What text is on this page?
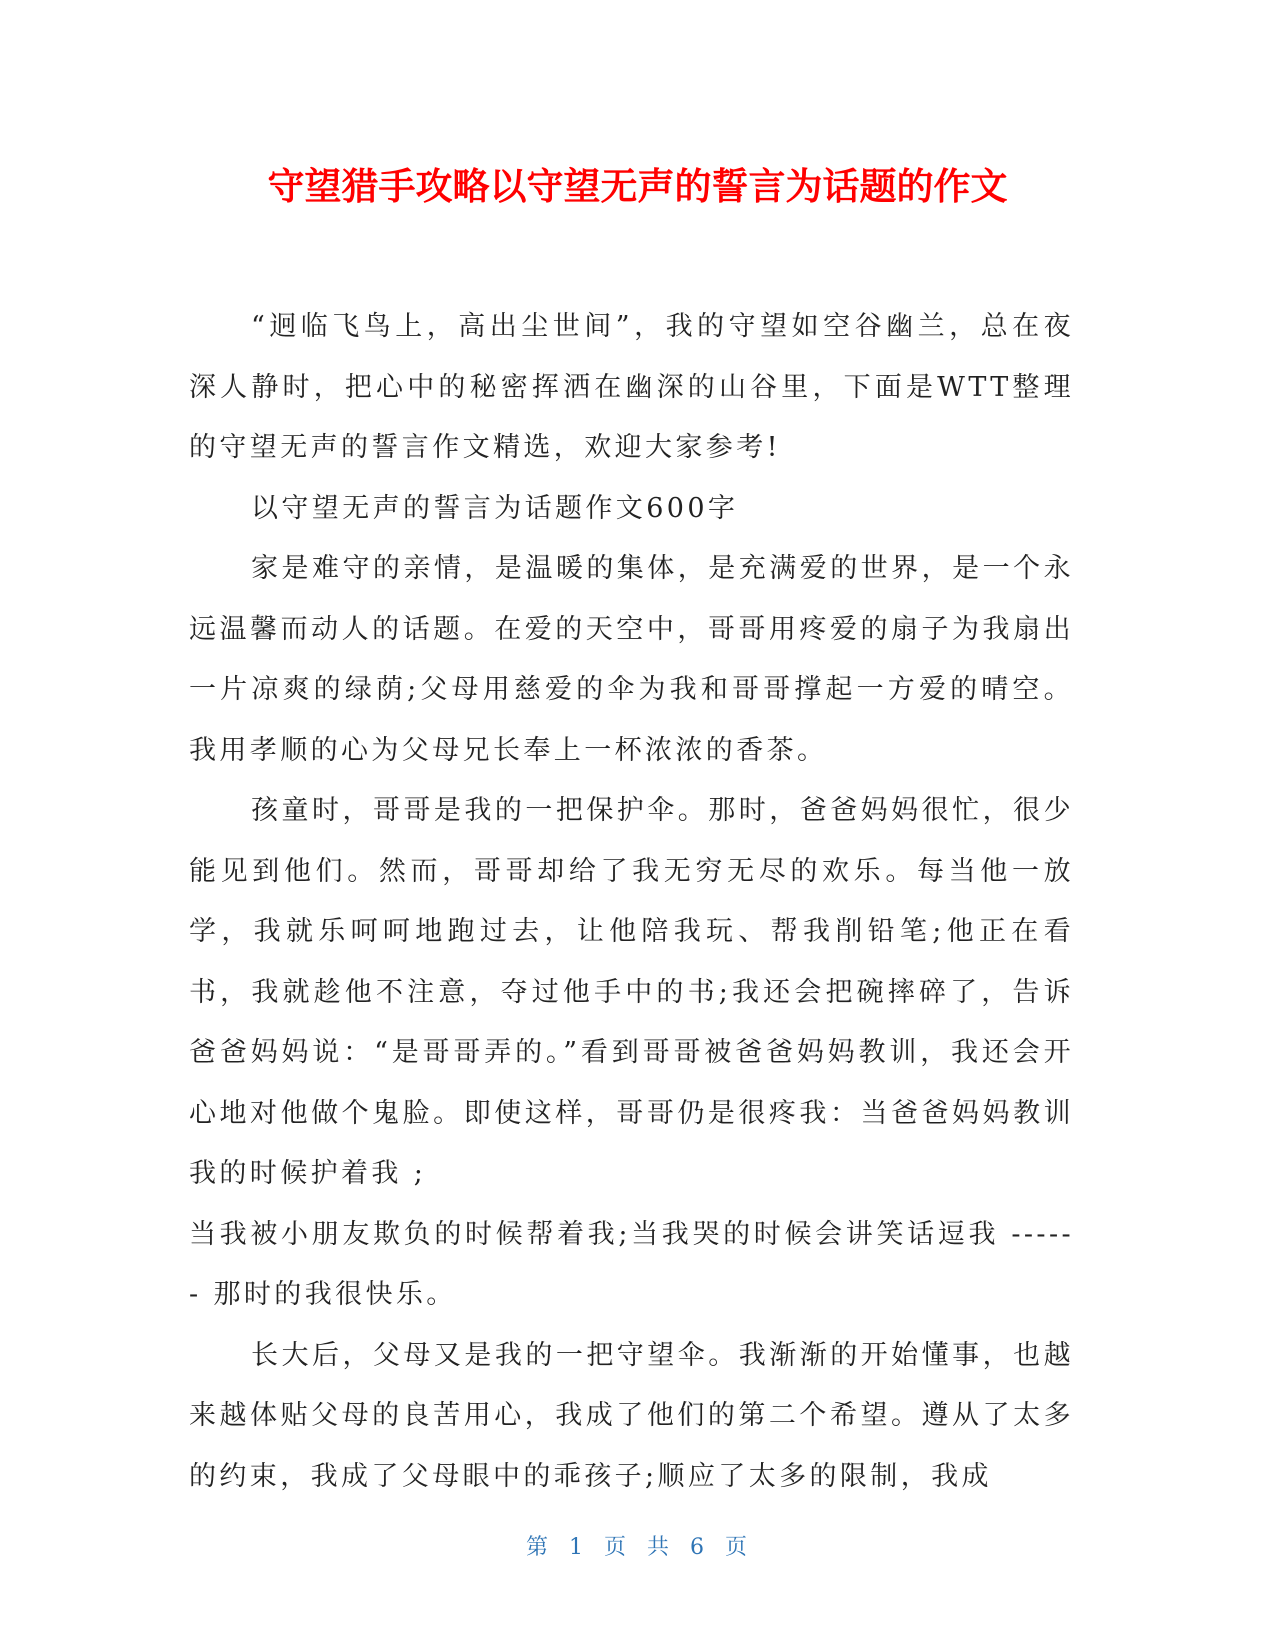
守望猎手攻略以守望无声的誓言为话题的作文

“迥临飞鸟上，高出尘世间”，我的守望如空谷幽兰，总在夜深人静时，把心中的秘密挥洒在幽深的山谷里，下面是WTT整理的守望无声的誓言作文精选，欢迎大家参考!

以守望无声的誓言为话题作文600字

家是难守的亲情，是温暖的集体，是充满爱的世界，是一个永远温馨而动人的话题。在爱的天空中，哥哥用疼爱的扇子为我扇出一片凉爽的绿荫;父母用慈爱的伞为我和哥哥撑起一方爱的晴空。我用孝顺的心为父母兄长奉上一杯浓浓的香茶。

孩童时，哥哥是我的一把保护伞。那时，爸爸妈妈很忙，很少能见到他们。然而，哥哥却给了我无穷无尽的欢乐。每当他一放学，我就乐呵呵地跑过去，让他陪我玩、帮我削铅笔;他正在看书，我就趁他不注意，夺过他手中的书;我还会把碗摔碎了，告诉爸爸妈妈说：“是哥哥弄的。”看到哥哥被爸爸妈妈教训，我还会开心地对他做个鬼脸。即使这样，哥哥仍是很疼我：当爸爸妈妈教训我的时候护着我 ;

当我被小朋友欺负的时候帮着我;当我哭的时候会讲笑话逗我 ------ 那时的我很快乐。

长大后，父母又是我的一把守望伞。我渐渐的开始懂事，也越来越体贴父母的良苦用心，我成了他们的第二个希望。遵从了太多的约束，我成了父母眼中的乖孩子;顺应了太多的限制，我成

第 1 页 共 6 页
